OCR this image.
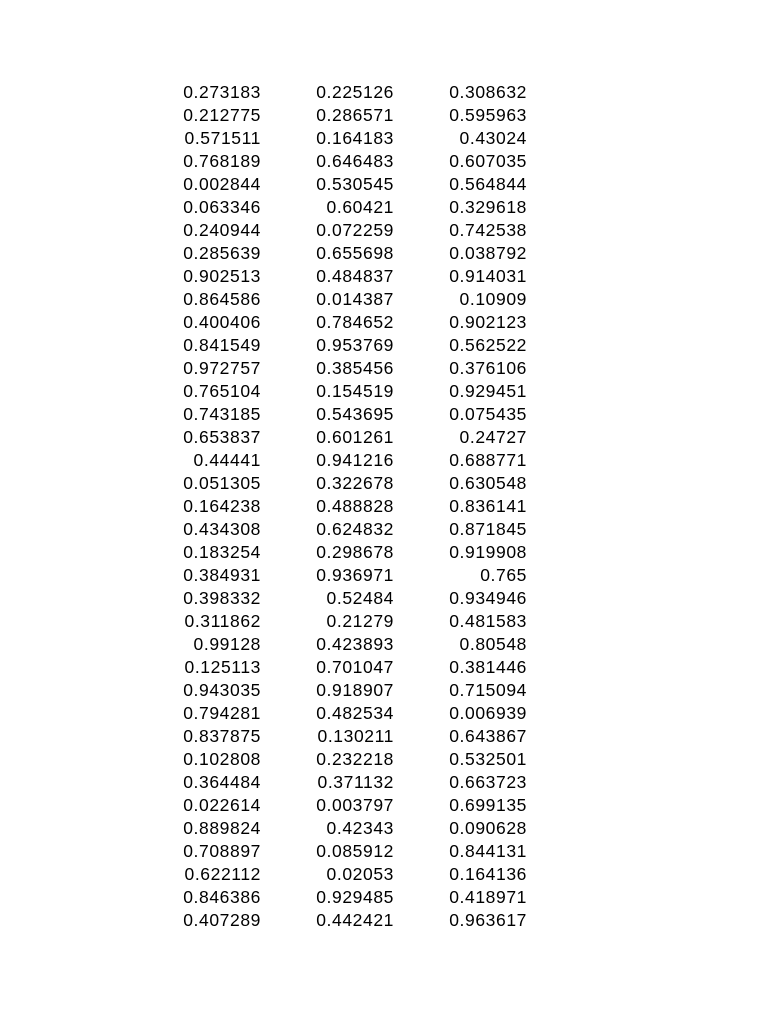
0.273183	0.225126	0.308632
0.212775	0.286571	0.595963
0.571511	0.164183	0.43024
0.768189	0.646483	0.607035
0.002844	0.530545	0.564844
0.063346	0.60421	0.329618
0.240944	0.072259	0.742538
0.285639	0.655698	0.038792
0.902513	0.484837	0.914031
0.864586	0.014387	0.10909
0.400406	0.784652	0.902123
0.841549	0.953769	0.562522
0.972757	0.385456	0.376106
0.765104	0.154519	0.929451
0.743185	0.543695	0.075435
0.653837	0.601261	0.24727
0.44441	0.941216	0.688771
0.051305	0.322678	0.630548
0.164238	0.488828	0.836141
0.434308	0.624832	0.871845
0.183254	0.298678	0.919908
0.384931	0.936971	0.765
0.398332	0.52484	0.934946
0.311862	0.21279	0.481583
0.99128	0.423893	0.80548
0.125113	0.701047	0.381446
0.943035	0.918907	0.715094
0.794281	0.482534	0.006939
0.837875	0.130211	0.643867
0.102808	0.232218	0.532501
0.364484	0.371132	0.663723
0.022614	0.003797	0.699135
0.889824	0.42343	0.090628
0.708897	0.085912	0.844131
0.622112	0.02053	0.164136
0.846386	0.929485	0.418971
0.407289	0.442421	0.963617
